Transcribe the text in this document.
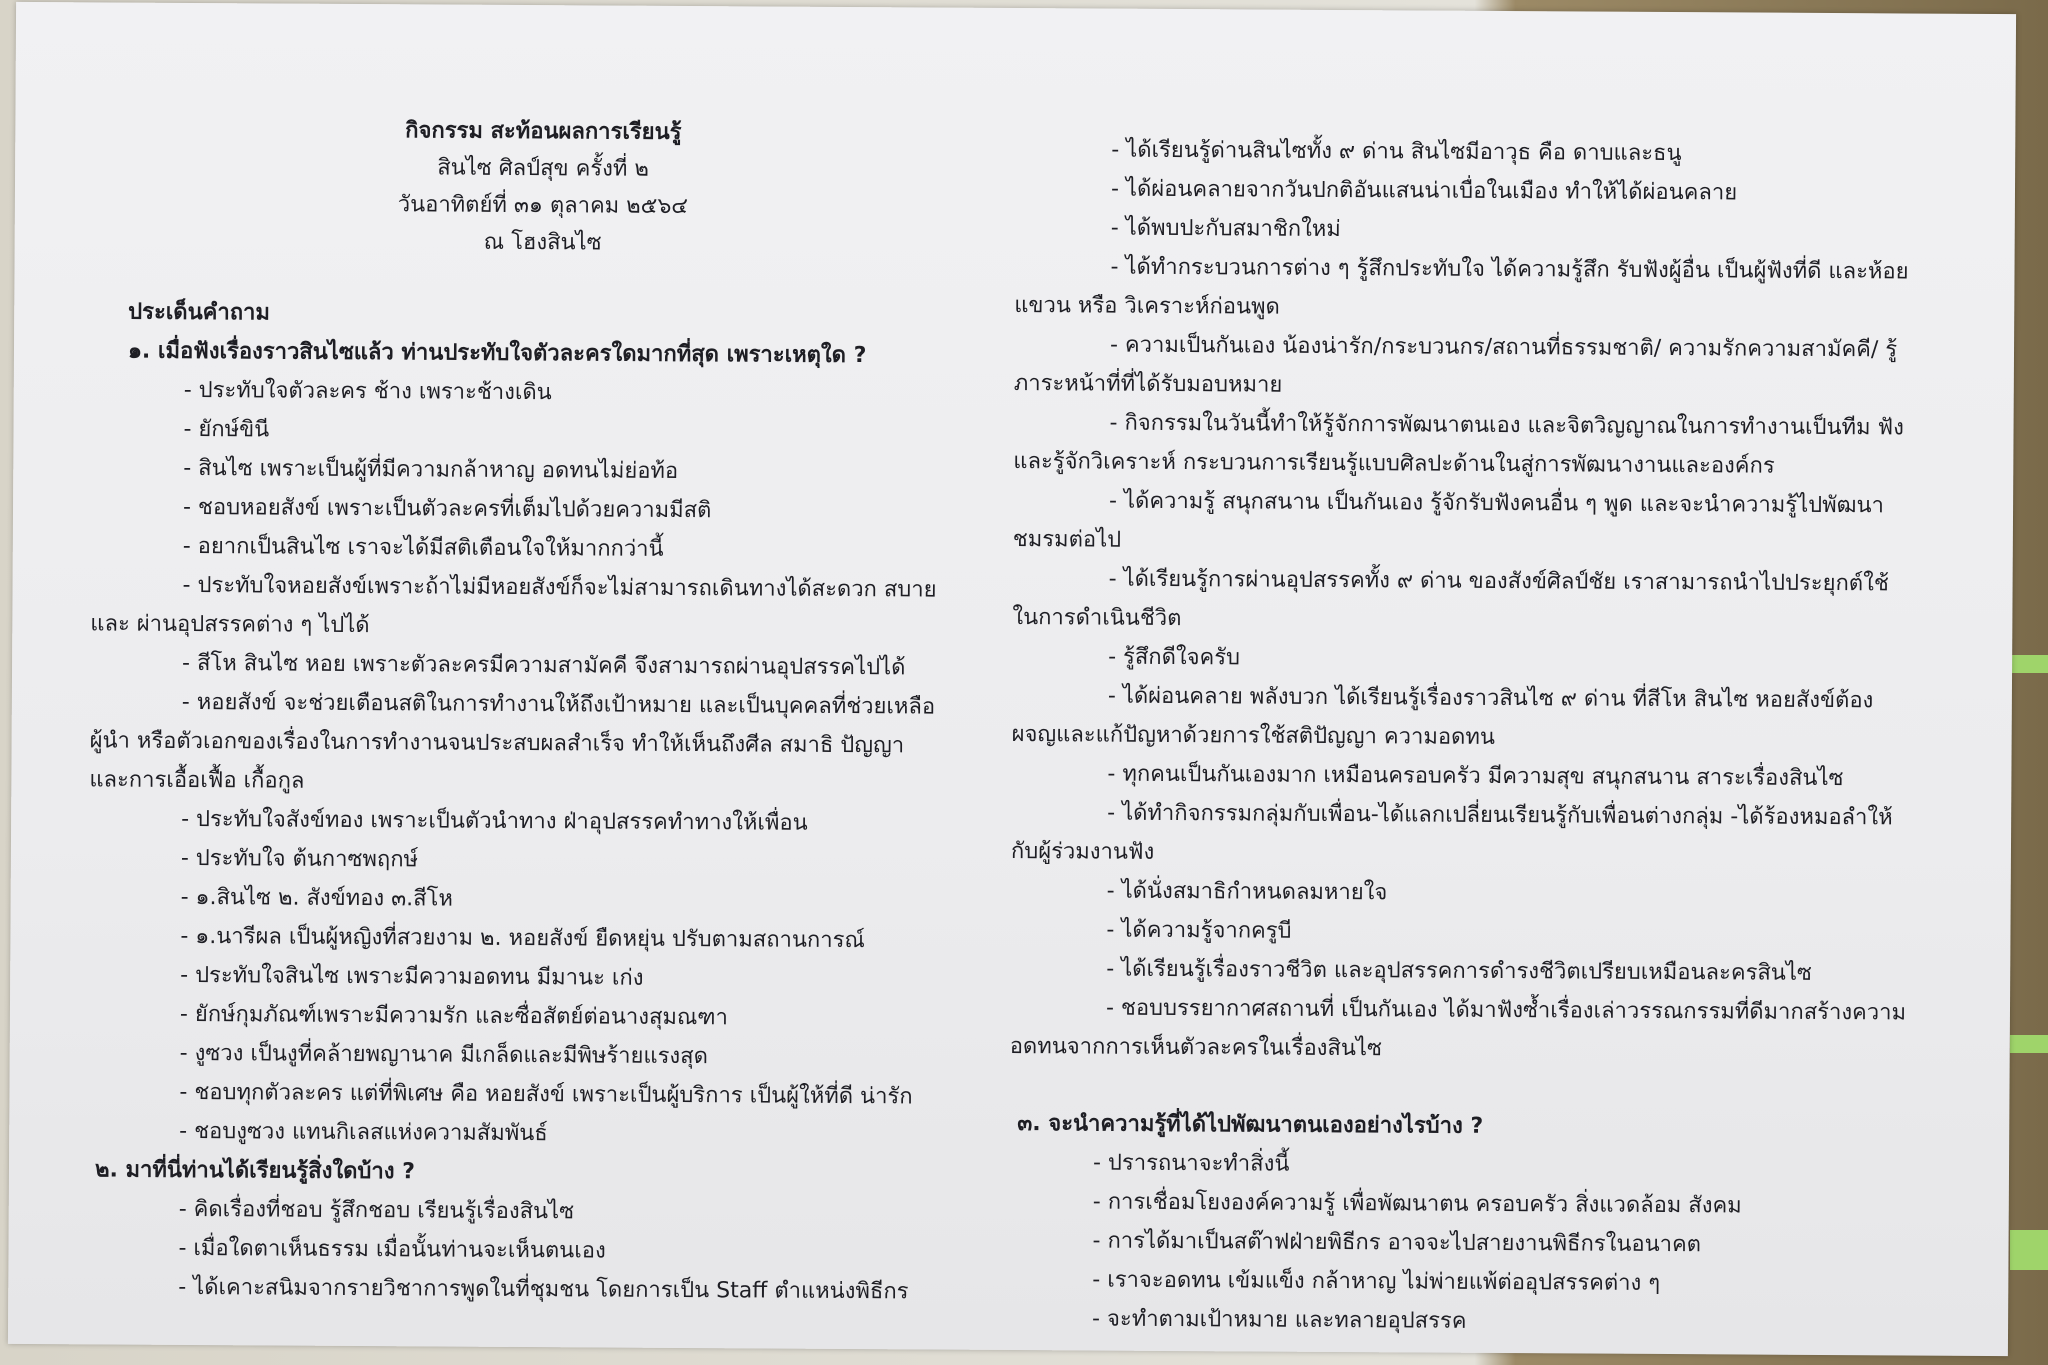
กิจกรรม สะท้อนผลการเรียนรู้
สินไซ ศิลป์สุข ครั้งที่ ๒
วันอาทิตย์ที่ ๓๑ ตุลาคม ๒๕๖๔
ณ โฮงสินไซ
ประเด็นคำถาม
๑. เมื่อฟังเรื่องราวสินไซแล้ว ท่านประทับใจตัวละครใดมากที่สุด เพราะเหตุใด ?
- ประทับใจตัวละคร ช้าง เพราะช้างเดิน
- ยักษ์ขินี
- สินไซ เพราะเป็นผู้ที่มีความกล้าหาญ อดทนไม่ย่อท้อ
- ชอบหอยสังข์ เพราะเป็นตัวละครที่เต็มไปด้วยความมีสติ
- อยากเป็นสินไซ เราจะได้มีสติเตือนใจให้มากกว่านี้
- ประทับใจหอยสังข์เพราะถ้าไม่มีหอยสังข์ก็จะไม่สามารถเดินทางได้สะดวก สบาย และ ผ่านอุปสรรคต่าง ๆ ไปได้
- สีโห สินไซ หอย เพราะตัวละครมีความสามัคคี จึงสามารถผ่านอุปสรรคไปได้
- หอยสังข์ จะช่วยเตือนสติในการทำงานให้ถึงเป้าหมาย และเป็นบุคคลที่ช่วยเหลือผู้นำ หรือตัวเอกของเรื่องในการทำงานจนประสบผลสำเร็จ ทำให้เห็นถึงศีล สมาธิ ปัญญา และการเอื้อเฟื้อ เกื้อกูล
- ประทับใจสังข์ทอง เพราะเป็นตัวนำทาง ฝ่าอุปสรรคทำทางให้เพื่อน
- ประทับใจ ต้นกาซพฤกษ์
- ๑.สินไซ ๒. สังข์ทอง ๓.สีโห
- ๑.นารีผล เป็นผู้หญิงที่สวยงาม ๒. หอยสังข์ ยืดหยุ่น ปรับตามสถานการณ์
- ประทับใจสินไซ เพราะมีความอดทน มีมานะ เก่ง
- ยักษ์กุมภัณฑ์เพราะมีความรัก และซื่อสัตย์ต่อนางสุมณฑา
- งูซวง เป็นงูที่คล้ายพญานาค มีเกล็ดและมีพิษร้ายแรงสุด
- ชอบทุกตัวละคร แต่ที่พิเศษ คือ หอยสังข์ เพราะเป็นผู้บริการ เป็นผู้ให้ที่ดี น่ารัก
- ชอบงูซวง แทนกิเลสแห่งความสัมพันธ์
๒. มาที่นี่ท่านได้เรียนรู้สิ่งใดบ้าง ?
- คิดเรื่องที่ชอบ รู้สึกชอบ เรียนรู้เรื่องสินไซ
- เมื่อใดตาเห็นธรรม เมื่อนั้นท่านจะเห็นตนเอง
- ได้เคาะสนิมจากรายวิชาการพูดในที่ชุมชน โดยการเป็น Staff ตำแหน่งพิธีกร
- ได้เรียนรู้ด่านสินไซทั้ง ๙ ด่าน สินไซมีอาวุธ คือ ดาบและธนู
- ได้ผ่อนคลายจากวันปกติอันแสนน่าเบื่อในเมือง ทำให้ได้ผ่อนคลาย
- ได้พบปะกับสมาชิกใหม่
- ได้ทำกระบวนการต่าง ๆ รู้สึกประทับใจ ได้ความรู้สึก รับฟังผู้อื่น เป็นผู้ฟังที่ดี และห้อยแขวน หรือ วิเคราะห์ก่อนพูด
- ความเป็นกันเอง น้องน่ารัก/กระบวนกร/สถานที่ธรรมชาติ/ ความรักความสามัคคี/ รู้ภาระหน้าที่ที่ได้รับมอบหมาย
- กิจกรรมในวันนี้ทำให้รู้จักการพัฒนาตนเอง และจิตวิญญาณในการทำงานเป็นทีม ฟังและรู้จักวิเคราะห์ กระบวนการเรียนรู้แบบศิลปะด้านในสู่การพัฒนางานและองค์กร
- ได้ความรู้ สนุกสนาน เป็นกันเอง รู้จักรับฟังคนอื่น ๆ พูด และจะนำความรู้ไปพัฒนาชมรมต่อไป
- ได้เรียนรู้การผ่านอุปสรรคทั้ง ๙ ด่าน ของสังข์ศิลป์ชัย เราสามารถนำไปประยุกต์ใช้ในการดำเนินชีวิต
- รู้สึกดีใจครับ
- ได้ผ่อนคลาย พลังบวก ได้เรียนรู้เรื่องราวสินไซ ๙ ด่าน ที่สีโห สินไซ หอยสังข์ต้องผจญและแก้ปัญหาด้วยการใช้สติปัญญา ความอดทน
- ทุกคนเป็นกันเองมาก เหมือนครอบครัว มีความสุข สนุกสนาน สาระเรื่องสินไซ
- ได้ทำกิจกรรมกลุ่มกับเพื่อน-ได้แลกเปลี่ยนเรียนรู้กับเพื่อนต่างกลุ่ม -ได้ร้องหมอลำให้กับผู้ร่วมงานฟัง
- ได้นั่งสมาธิกำหนดลมหายใจ
- ได้ความรู้จากครูบี
- ได้เรียนรู้เรื่องราวชีวิต และอุปสรรคการดำรงชีวิตเปรียบเหมือนละครสินไซ
- ชอบบรรยากาศสถานที่ เป็นกันเอง ได้มาฟังซ้ำเรื่องเล่าวรรณกรรมที่ดีมากสร้างความอดทนจากการเห็นตัวละครในเรื่องสินไซ
๓. จะนำความรู้ที่ได้ไปพัฒนาตนเองอย่างไรบ้าง ?
- ปรารถนาจะทำสิ่งนี้
- การเชื่อมโยงองค์ความรู้ เพื่อพัฒนาตน ครอบครัว สิ่งแวดล้อม สังคม
- การได้มาเป็นสต๊าฟฝ่ายพิธีกร อาจจะไปสายงานพิธีกรในอนาคต
- เราจะอดทน เข้มแข็ง กล้าหาญ ไม่พ่ายแพ้ต่ออุปสรรคต่าง ๆ
- จะทำตามเป้าหมาย และทลายอุปสรรค
